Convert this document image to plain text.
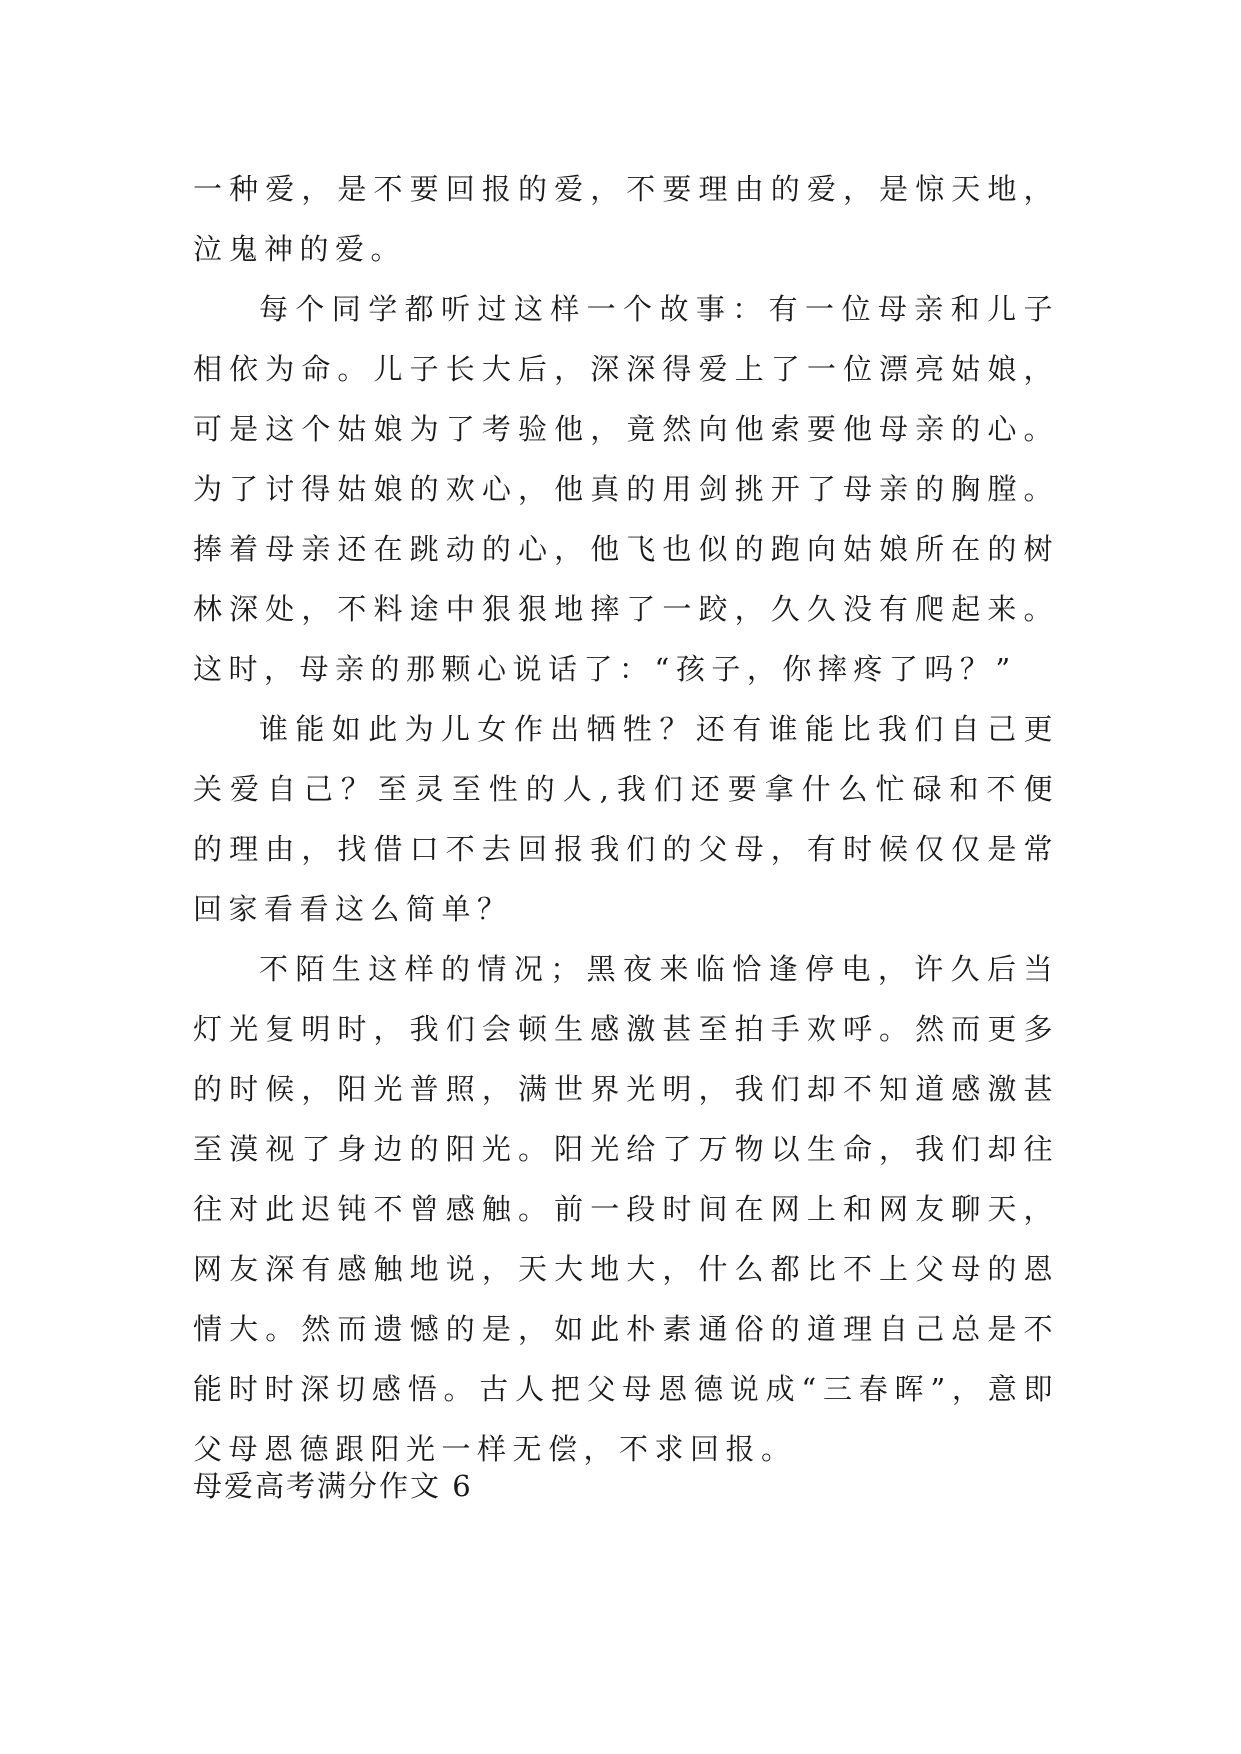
一种爱，是不要回报的爱，不要理由的爱，是惊天地，泣鬼神的爱。

每个同学都听过这样一个故事：有一位母亲和儿子相依为命。儿子长大后，深深得爱上了一位漂亮姑娘，可是这个姑娘为了考验他，竟然向他索要他母亲的心。为了讨得姑娘的欢心，他真的用剑挑开了母亲的胸膛。捧着母亲还在跳动的心，他飞也似的跑向姑娘所在的树林深处，不料途中狠狠地摔了一跤，久久没有爬起来。这时，母亲的那颗心说话了：“孩子，你摔疼了吗？”

谁能如此为儿女作出牺牲？还有谁能比我们自己更关爱自己？至灵至性的人,我们还要拿什么忙碌和不便的理由，找借口不去回报我们的父母，有时候仅仅是常回家看看这么简单？

不陌生这样的情况；黑夜来临恰逢停电，许久后当灯光复明时，我们会顿生感激甚至拍手欢呼。然而更多的时候，阳光普照，满世界光明，我们却不知道感激甚至漠视了身边的阳光。阳光给了万物以生命，我们却往往对此迟钝不曾感触。前一段时间在网上和网友聊天，网友深有感触地说，天大地大，什么都比不上父母的恩情大。然而遗憾的是，如此朴素通俗的道理自己总是不能时时深切感悟。古人把父母恩德说成“三春晖”，意即父母恩德跟阳光一样无偿，不求回报。

母爱高考满分作文 6
